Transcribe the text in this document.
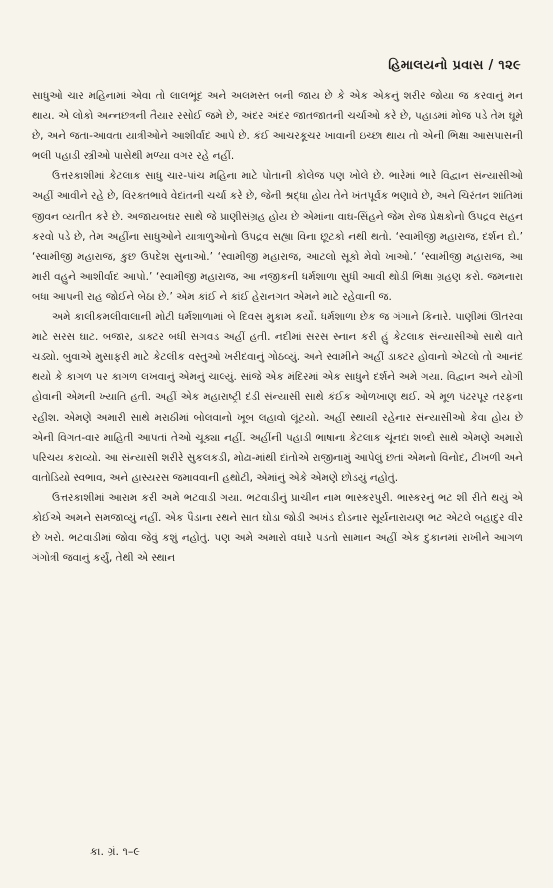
હિમાલયનો પ્રવાસ / ૧૨૯

સાધુઓ ચાર મહિનામાં એવા તો લાલભૂંદ અને અલમસ્ત બની જાય છે કે એક એકનું શરીર જોયા જ કરવાનું મન થાય. એ લોકો અન્નછત્રની તૈયાર રસોઈ જમે છે, અંદર અંદર જાતજાતની ચર્ચાઓ કરે છે, પહાડમાં મોજ પડે તેમ ઘૂમે છે, અને જતા-આવતા યાત્રીઓને આશીર્વાદ આપે છે. કંઈ આચરકૂચર ખાવાની ઇચ્છા થાય તો એની ભિક્ષા આસપાસની ભલી પહાડી સ્ત્રીઓ પાસેથી મળ્યા વગર રહે નહીં.

ઉત્તરકાશીમાં કેટલાક સાધુ ચાર-પાંચ મહિના માટે પોતાની કોલેજ પણ ખોલે છે. ભારેમાં ભારે વિદ્વાન સંન્યાસીઓ અહીં આવીને રહે છે, વિરક્તભાવે વેદાંતની ચર્ચા કરે છે, જેની શ્રદ્ધા હોય તેને ખંતપૂર્વક ભણાવે છે, અને ચિરંતન શાંતિમાં જીવન વ્યતીત કરે છે. અજાયબઘર સાથે જે પ્રાણીસંગ્રહ હોય છે એમાંના વાઘ-સિંહને જેમ રોજ પ્રેક્ષકોનો ઉપદ્રવ સહન કરવો પડે છે, તેમ અહીંના સાધુઓને યાત્રાળુઓનો ઉપદ્રવ સહ્યા વિના છૂટકો નથી થતો. ‘સ્વામીજી મહારાજ, દર્શન દો.’ ‘સ્વામીજી મહારાજ, કુછ ઉપદેશ સુનાઓ.’ ‘સ્વામીજી મહારાજ, આટલો સૂકો મેવો ખાઓ.’ ‘સ્વામીજી મહારાજ, આ મારી વહુને આશીર્વાદ આપો.’ ‘સ્વામીજી મહારાજ, આ નજીકની ધર્મશાળા સુધી આવી થોડી ભિક્ષા ગ્રહણ કરો. જમનારા બધા આપની રાહ જોઈને બેઠા છે.’ એમ કાંઈ ને કાંઈ હેરાનગત એમને માટે રહેવાની જ.

અમે કાલીકમલીવાલાની મોટી ધર્મશાળામાં બે દિવસ મુકામ કર્યો. ધર્મશાળા છેક જ ગંગાને કિનારે. પાણીમાં ઊતરવા માટે સરસ ઘાટ. બજાર, ડાક્ટર બધી સગવડ અહીં હતી. નદીમાં સરસ સ્નાન કરી હું કેટલાક સંન્યાસીઓ સાથે વાતે ચડ્યો. બુવાએ મુસાફરી માટે કેટલીક વસ્તુઓ ખરીદવાનું ગોઠવ્યું. અને સ્વામીને અહીં ડાક્ટર હોવાનો એટલો તો આનંદ થયો કે કાગળ પર કાગળ લખવાનું એમનું ચાલ્યું. સાંજે એક મંદિરમાં એક સાધુને દર્શને અમે ગયા. વિદ્વાન અને યોગી હોવાની એમની ખ્યાતિ હતી. અહીં એક મહારાષ્ટ્રી દંડી સંન્યાસી સાથે કંઈક ઓળખાણ થઈ. એ મૂળ પંઢરપૂર તરફના રહીશ. એમણે અમારી સાથે મરાઠીમાં બોલવાનો ખૂબ લહાવો લૂંટયો. અહીં સ્થાયી રહેનાર સંન્યાસીઓ કેવા હોય છે એની વિગત-વાર માહિતી આપતાં તેઓ ચૂક્યા નહીં. અહીંની પહાડી ભાષાના કેટલાક ચૂંનદા શબ્દો સાથે એમણે અમારો પરિચય કરાવ્યો. આ સંન્યાસી શરીરે સુકલકડી, મોઢા-માંથી દાંતોએ રાજીનામું આપેલું છતાં એમનો વિનોદ, ટીખળી અને વાતોડિયો સ્વભાવ, અને હાસ્યરસ જમાવવાની હથોટી, એમાંનું એકે એમણે છોડયું નહોતું.

ઉત્તરકાશીમાં આરામ કરી અમે ભટવાડી ગયા. ભટવાડીનું પ્રાચીન નામ ભાસ્કરપુરી. ભાસ્કરનું ભટ શી રીતે થયું એ કોઈએ અમને સમજાવ્યું નહીં. એક પૈડાના રથને સાત ઘોડા જોડી અખંડ દોડનાર સૂર્યનારાયણ ભટ એટલે બહાદુર વીર છે ખરો. ભટવાડીમાં જોવા જેવું કશું નહોતું. પણ અમે અમારો વધારે પડતો સામાન અહીં એક દુકાનમાં રાખીને આગળ ગંગોત્રી જવાનું કર્યું, તેથી એ સ્થાન

કા. ગ્રં. ૧–૯
